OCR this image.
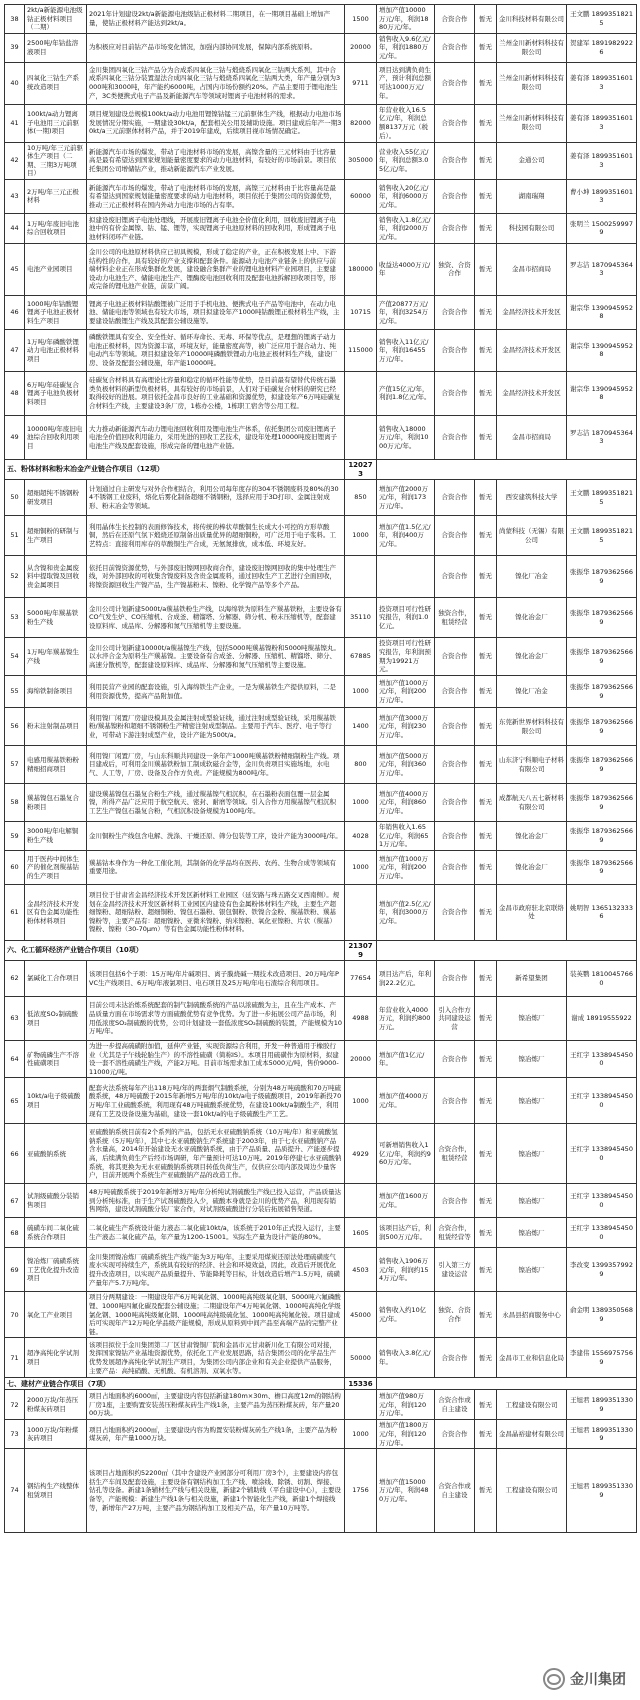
38	2kt/a新能源电池级钴正极材料项目（二期）	2021年计划建设2kt/a新能源电池级钴正极材料二期项目，在一期项目基础上增加产量，使钴正极材料产能达到2kt/a。	1500	增加产值10000万元/年，利润1880万元/年。	合资合作	暂无	金川科技材料有限公司	王文鹏 18993518215
39	2500吨/年钴盐溶液项目	为积极应对目前钴产品市场变化情况，加强内部协同发展，保障内部系统原料。	20000	销售收入9.6亿元/年，利润1880万元/年。	合资合作	暂无	兰州金川新材料科技有限公司	贺建军 18919829226
40	四氧化三钴生产系统改造项目	金川集团四氧化三钴产品分为合成系四氧化三钴与煅烧系四氧化三钴两大系列，其中合成系四氧化三钴分装置湿法合成四氧化三钴与煅烧系四氧化三钴两大类，年产量分别为3000吨和3000吨，年产能约6000吨，占国内市场份额约20%。产品主要用于锂电池生产，3C类便携式电子产品及新能源汽车等领域对锂离子电池材料的需求。	9711	项目达到满负荷生产，预计利润总额可达1000万元/年。	合资合作	暂无	兰州金川新材料科技有限公司	姜有泽 18993516013
41	100kt/a动力锂离子电池用三元前驱体(一期)项目	项目规划建设总规模100kt/a动力电池用锂镍钴锰三元前驱体生产线，根据动力电池市场发展情况分期实施，一期建设30kt/a，配套相关公用及辅助设施。项目建成后年产一期30kt/a三元前驱体材料产品，并于2019年建成，后续项目视市场情况确定。	82000	年营业收入16.5亿元/年，利润总额8137万元（税后）。	合资合作	暂无	兰州金川新材料科技有限公司	姜有泽 18993516013
42	10万吨/年三元前驱体生产项目（二期、三期3万吨项目）	新能源汽车市场的爆发，带动了电池材料市场的发展，高镍含量的三元材料由于比容量高是最有希望达到国家规划能量密度要求的动力电池材料，有较好的市场前景。项目依托集团公司增储钴产业，推动新能源汽车产业发展。	305000	营业收入55亿元/年，利润总额3.05亿元/年。	合资合作	暂无	金通公司	姜有泽 18993516013
43	2万吨/年三元正极材料	新能源汽车市场的爆发，带动了电池材料市场的发展，高镍三元材料由于比容量高是最有希望达到国家规划能量密度要求的动力电池材料，项目依托于集团公司的资源优势，推动三元正极材料在国内外动力电池市场的占有率。	60000	销售收入20亿元/年，利润6000万元/年。	合资合作	暂无	湖南瑞翔	曹小坤 18993516013
44	1万吨/年废旧电池综合回收项目	拟建设废旧锂离子电池处理线，开展废旧锂离子电池全价值化利用，回收废旧锂离子电池中的有价金属镍、钴、锰、锂等，实现锂离子电池原材料的回收利用，形成锂离子电池材料闭环产业链。		销售收入1.8亿元/年，利润2000万元/年。	合资合作	暂无	科技园有限公司	张明兰 15002599979
45	电池产业园项目	金川公司的电池原材料供应已初具规模，形成了稳定的产业，正在积极发展上中、下游结构性的合作，具有较好的产业支撑和配套条件。能源动力电池产业链条上的供应与前端材料企业正在形成集群化发展，建设融合集群产业的锂电池材料产业园项目，主要建设动力电池生产、储能电池生产、锂酶废电池回收利用及配套电池拆解回收项目等，形成完备的锂电池产业链，前景广阔。	180000	收益达4000万元/年	独资、合资合作	暂无	金昌市招商局	罗志洁 18709453643
46	1000吨/年钴酸锂锂离子电池正极材料生产项目	锂离子电池正极材料钴酸锂被广泛用于手机电池、便携式电子产品等电池中，在动力电池、储能电池等领域也有较大市场，项目拟建设年产1000吨钴酸锂正极材料生产线，主要建设钴酸锂生产线及其配套公辅设施等。	10715	产值20877万元/年，利润3254万元/年。	合资合作	暂无	金昌经济技术开发区	谢宗华 13909459528
47	1万吨/年磷酸铁锂动力电池正极材料项目	磷酸铁锂具有安全、安全性好、循环寿命长、无毒、环保等优点，是理想的锂离子动力电池正极材料，因为资源丰富，环境友好，能量密度高等，被广泛应用于混合动力、纯电动汽车等领域。项目拟建设年产10000吨磷酸铁锂动力电池正极材料生产线，建设厂房、设备及配套公辅设施，年产能10000吨。	115000	销售收入11亿元/年，利润16455万元/年。	合资合作	暂无	金昌经济技术开发区	谢宗华 13909459528
48	6万吨/年硅碳复合锂离子电池负极材料项目	硅碳复合材料具有高理论比容量和稳定的循环性能等优势，是目前最有望替代传统石墨类负极材料的新型负极材料，具有较好的市场前景，人们对于硅碳复合材料的研究已经取得较好的进展。项目依托金昌市良好的工业基础和资源优势，拟建设年产6万吨硅碳复合材料生产线，主要建设3条厂房，1栋办公楼，1栋职工宿舍等公用工程。		产值15亿元/年，利润1.8亿元/年。	合资合作	暂无	金昌经济技术开发区	谢宗华 13909459528
49	10000吨/年废旧电池综合回收利用项目	大力推动新能源汽车动力锂电池回收利用及锂电池生产体系，依托集团公司废旧锂离子电池全价值回收利用能力，采用先进的回收工艺技术，建设年处理10000吨废旧锂离子电池生产线及配套设施，形成完备的锂电池产业链。		销售收入18000万元/年，利润1000万元/年。	合资合作	暂无	金昌市招商局	罗志洁 18709453643
五、粉体材料和粉末冶金产业链合作项目（12项）			120273					
50	超细超纯不锈钢粉研发项目	计划通过自主研发与对外合作相结合，利用公司每年度存的304不锈钢废料及80%的304不锈钢工业废料，熔化后雾化制备超细不锈钢粉，选择应用于3D打印、金属注射成形、粉末冶金等领域。	850	增加产值2000万元/年，利润173万元/年。	合资合作	暂无	西安建筑科技大学	王文鹏 18993518215
51	超细铜粉的研制与生产项目	利用晶体生长控制的表面修饰技术，将传统的棒状草酸铜生长成大小可控的方形草酸铜，然后在还原气氛下煅烧还原制备出质量优异的超细铜粉，可广泛用于电子浆料。工艺特点：直接利用库存的草酸铜生产合成，无氨氮排放，成本低、环境友好。	1000	增加产值1.5亿元/年，利润400万元/年。	合资合作	暂无	尚蒙科技（无锡）有限公司	王文鹏 18993518215
52	从含镍和贵金属废料中提取镍及回收贵金属项目	依托目前镍资源优势，与外部废旧镍网回收商合作，建设废旧镍网回收的集中处理生产线，对外部回收的可收集含镍废料及含贵金属废料，通过回收生产工艺进行全面回收，将镍资源回收生产镍产品，生产镍基粉末、镍粉、化学镍产品等多个产品。			合资合作	暂无	镍化厂冶金	张振华 18793625669
53	5000吨/年羰基铁粉生产线	金川公司计划新建5000t/a羰基铁粉生产线，以海绵铁为原料生产羰基铁粉，主要设备有CO气发生炉、CO压缩机、合成釜、精馏塔、分解器、筛分机、粉末压缩机等，配套建设原料库、成品库、分解器和氮气压缩机等主要设施。	35110	投资项目可行性研究报告，利润1.0亿元。	独资合作，租赁经营	暂无	镍化冶金厂	张振华 18793625669
54	1万吨/年羰基镍生产线	金川公司计划新建10000t/a羰基镍生产线，包括5000吨羰基镍粉和5000吨羰基镍丸。以水淬合金为原料生产羰基镍。主要设备有合成釜、分解器、压缩机、精馏塔、筛分、高速分散机等，配套建设原料库、成品库、分解器和氮气压缩机等主要设施。	67885	投资项目可行性研究报告，年利润预期为19921万元。	合资合作	暂无	镍化冶金厂	张振华 18793625669
55	海绵铁制备项目	利用民营产业园的配套设施，引入海绵铁生产企业，一是为羰基铁生产提供原料，二是利用资源优势，提高产品附加值。	1000	增加产值1000万元/年，利润200万元/年。	合资合作	暂无	镍化厂冶金	张振华 18793625669
56	粉末注射制品项目	利用镍厂闲置厂房建设模具及金属注射成型验证线，通过注射成型验证线，采用羰基铁粉/羰基镍粉和超细不锈钢粉生产精密注射成型制品。主要用于汽车、医疗、电子等行业，可带动下游注射成型产业，设计产能为500t/a。	1400	增加产值3000万元/年，利润230万元/年。	合资合作	暂无	东莞新世界材料科技有限公司	张振华 18793625669
57	电感用羰基铁粉粉精细招商项目	利用镍厂闲置厂房，与山东科顺共同建设一条年产1000吨羰基铁粉精细制粉生产线。项目建成后，可利用金川羰基铁粉加工制成软磁合金等，金川负责项目实施场地，水电气、人工等，厂房、设备及合作方负责。产能规模为800吨/年。	800	增加产值5000万元/年，利润360万元/年。	合资合作	暂无	山东济宁科顺电子材料有限公司	张振华 18793625669
58	羰基镍包石墨复合粉项目	建设羰基镍包石墨复合粉生产线，通过羰基镍气相沉积，在石墨粉表面包覆一层金属镍，所得产品广泛应用于航空航天、密封、耐磨等领域。引入合作方用羰基镍气相沉积工艺生产镍包石墨复合粉，气相沉积设备规模为100吨/年。	1000	增加产值4000万元/年，利润860万元/年。	合资合作	暂无	成都航天八五七新材料有限公司	张振华 18793625669
59	3000吨/年电解铜粉生产线	金川铜粉生产线包含电解、洗涤、干燥还原、筛分包装等工序，设计产能为3000吨/年。	4028	年销售收入1.65亿元/年，利润651万元/年。	合资合作	暂无	镍化冶金厂	张振华 18793625669
60	用于医药中间体生产的催化剂羰基钴的生产项目	羰基钴本身作为一种化工催化剂，其制备的化学品均在医药、农药、生物合成等领域有重要用途。	1000	增加产值1000万元/年，利润200万元/年。	合资合作	暂无	镍化冶金厂	张振华 18793625669
61	金昌经济技术开发区有色金属功能性粉体材料项目	项目位于甘肃省金昌经济技术开发区新材料工业园区（延安路与珠五路交叉西南侧）。规划在金昌经济技术开发区新材料工业园区内建设有色金属粉体材料生产线，主要生产超细镍粉、超细钴粉、超细铜粉、镍包石墨粉、银包铜粉、铁镍合金粉、羰基铁粉、羰基镍粉等，主要产品有：超细镍粉、亚微米镍粉、纳米镍粉、氧化亚镍粉、片状（羰基）镍粉、镍粉（30-70μm）等有色金属功能性粉体材料。		增加产值2.5亿元/年，利润3000万元/年。	合资合作	暂无	金昌市政府驻北京联络处	姚明智 13651323336
六、化工循环经济产业链合作项目（10项）			213079					
62	氯碱化工合作项目	该项目包括6个子项：15万吨/年片碱项目、离子膜烧碱一期技术改造项目、20万吨/年PVC生产线项目、6万吨/年液氯项目、电石项目及25万吨/年电石渣综合利用项目。	77654	项目达产后，年利润22.2亿元。	合资合作	暂无	新希望集团	装英鹦 18100457660
63	低浓度SO₂制硫酸项目	目前公司未达治炼系统配套的制气制硫酸系统的产品以浓硫酸为主，且在生产成本、产品质量方面在市场需求等方面硫酸优势有竞争优势。为了进一步拓展公司产品市场，利用低浓度SO₂制硫酸的优势，公司计划建设一套低浓度SO₂制硫酸的装置，产能规模为10万吨/年。	4988	年营业收入4000万元，利润约800万元。	引入合作方共同建设运营	暂无	镍冶炼厂	谢成 18919555922
64	矿物硫磷生产不溶性硫磺项目	为进一步提高硫磺附加值，延伸产业链，实现资源综合利用，开发一种普通用于橡胶行业（尤其是子午线轮胎生产）的不溶性硫磺（简称IS）。本项目用硫磺作为原材料，拟建设一套不溶性硫磺生产线，产能2万吨。目前市场需求加工成本5000元/吨，售价9000-11000元/吨。	20000	增加产值1亿元/年。	合资合作	暂无	镍冶炼厂	王红宇 13389454500
65	10kt/a电子级硫酸项目	配套火法系统每年产出118万吨/年的两套烟气制酸系统，分别为48万吨硫酸和70万吨硫酸系统，48万吨硫酸于2015年新增5万吨/年的10kt/a电子级硫酸项目，2019年新投70万吨/年工业硫酸系统，利用现有48万吨硫酸系统优势，在建设100kt/a制酸生产，利用现有工艺及设备设施为基础，建设一套10kt/a的电子级硫酸生产工艺。	1000	增加产值4000万元/年。	合资合作	暂无	镍冶炼厂	王红宇 13389454500
66	亚硫酸钠系统	亚硫酸钠系统目前有2个系列的产品，包括无水亚硫酸钠系统（10万吨/年）和亚硫酸氢钠系统（5万吨/年），其中七水亚硫酸钠生产系统建于2003年，由于七水亚硫酸钠产品含水量高，2014年开始建设无水亚硫酸钠系统，由于产品质量、品质提升、产能逐步提高，后续满负荷生产后经市场调研，年产量预计可达10万吨。2019年停建七水亚硫酸钠系统，将其更换为无水亚硫酸钠系统项目转低负荷生产，仅供应公司内部及周边少量客户，目前开展两个系统生产亚硫酸钠产品的改造工作。	4929	可新增销售收入1亿元/年，利润约960万元/年。	合资合作，租赁经营	暂无	镍冶炼厂	王红宇 13389454500
67	试剂级硫酸分装销售项目	48万吨硫酸系统于2019年新增3万吨/年分析纯试剂硫酸生产线已投入运营，产品质量达到分析纯标准，由于生产试剂硫酸投入少，硫酸本身就是金川的优势产品，利用现有销售网络，建设试剂硫酸分装厂家合作，对试剂级硫酸进行分装后拓展销售渠道。		增加产值1600万元/年。	合资合作	暂无	镍冶炼厂	王红宇 13389454500
68	硫磺车间二氧化硫系统合作项目	二氧化硫生产系统设计能力液态二氧化硫10kt/a，该系统于2010年正式投入运行，主要生产液态二氧化硫产品，年产量为1200-15001。实际生产量为设计产能的80%。	1605	该项目达产后，利润500万元/年。	合资合作，租赁经营等	暂无	镍冶炼厂	王红宇 13389454500
69	镍冶炼厂硫磺系统工艺优化提升改造项目	金川集团镍冶炼厂硫磺系统生产线产能为3万吨/年，主要采用煤炭还原法处理硫磺废气废水实现可持续生产，系统具有较好的经济、社会和环境效益，因此，改造后开展优化提升改造项目，以实现产品质量提升、节能降耗等目标，计划改造后增产1.5万吨，硫磺产量年产5.7万吨/年。	4503	销售收入1906万元/年，利润约154万元/年。	引入第三方建设运营	暂无	镍冶炼厂	李改变 13993579929
70	氧化工产业项目	项目分两期建设：一期建设年产6万吨氧化钢、1000吨高纯级氧化钢、5000吨六氟磷酸锂、1000吨四氟化碳及配套公辅设施；二期建设年产4万吨氧化钢、1000吨高纯化学级氯化钢、1000吨高纯级氟化钢、1000吨高纯级硫化氢、1000吨高纯氟化铵。项目建成后可实现年产12万吨化学品级产能规模，形成从原料到中间产品至高端产品的完整产业链。	45000	销售收入约10亿元/年。	独资、合资合作	暂无	永昌县招商服务中心	俞金明 13893505689
71	超净高纯化学试剂项目	该项目拟位于金川集团第二厂区甘肃镍铜厂院和金昌市元甘肃新川化工有限公司对接，发挥国家镍钴产业基地资源优势，依托化工产业发展思路，结合集团公司的化学品生产优势发展超净高纯化学试剂生产项目，为集团公司内部企业和有关企业提供产品服务，主要产品：高纯硝酸、无机酸、有机溶剂、双氧水等。	50000	销售收入3.8亿元/年。	合资合作	暂无	金昌市工业和信息化局	李建伟 15569757569
七、建材产业链合作项目（7项）			15336					
72	2000万块/年蒸压粉煤灰砖项目	项目占地面积约6000㎡，主要建设内容包括新建180m×30m、檐口高度12m的钢结构厂房1座，主要购置安装蒸压粉煤灰砖生产线1条，主要产品为蒸压粉煤灰砖，年产量2000万块。		增加产值980万元/年，利润120万元/年。	合资合作或自主建设	暂无	工程建设有限公司	王旭君 18993513309
73	1000万块/年粉煤灰砖项目	项目占地面积约2000㎡，主要建设内容为购置安装粉煤灰砖生产线1条，主要产品为粉煤灰砖，年产量1000万块。	1000	增加产值1800万元/年，利润120万元/年。	合资合作	暂无	金昌晶裕建材有限公司	王旭君 18993513309
74	钢结构生产线整体租赁项目	该项目占地面积约52200㎡（其中含建设产业园部分可利用厂房3个），主要建设内容包括生产车间及配套设施，主要设备有钢结构加工生产线、喷涂线、除锈、切割、焊接、钻孔等设备。新建1条辅材生产线与相关设施，新建2个辅助线（平台建设中心），主要设备等，产能规模：新建生产线1条与相关设施，新建1个智能化生产线，新建1个焊接线等，新增年产27万吨，主要产品为钢结构加工及相关产品，年产量10万吨等。	1756	增加产值15000万元/年，利润480万元/年。	合资合作或自主建设	暂无	工程建设有限公司	王旭君 18993513309
金川集团
